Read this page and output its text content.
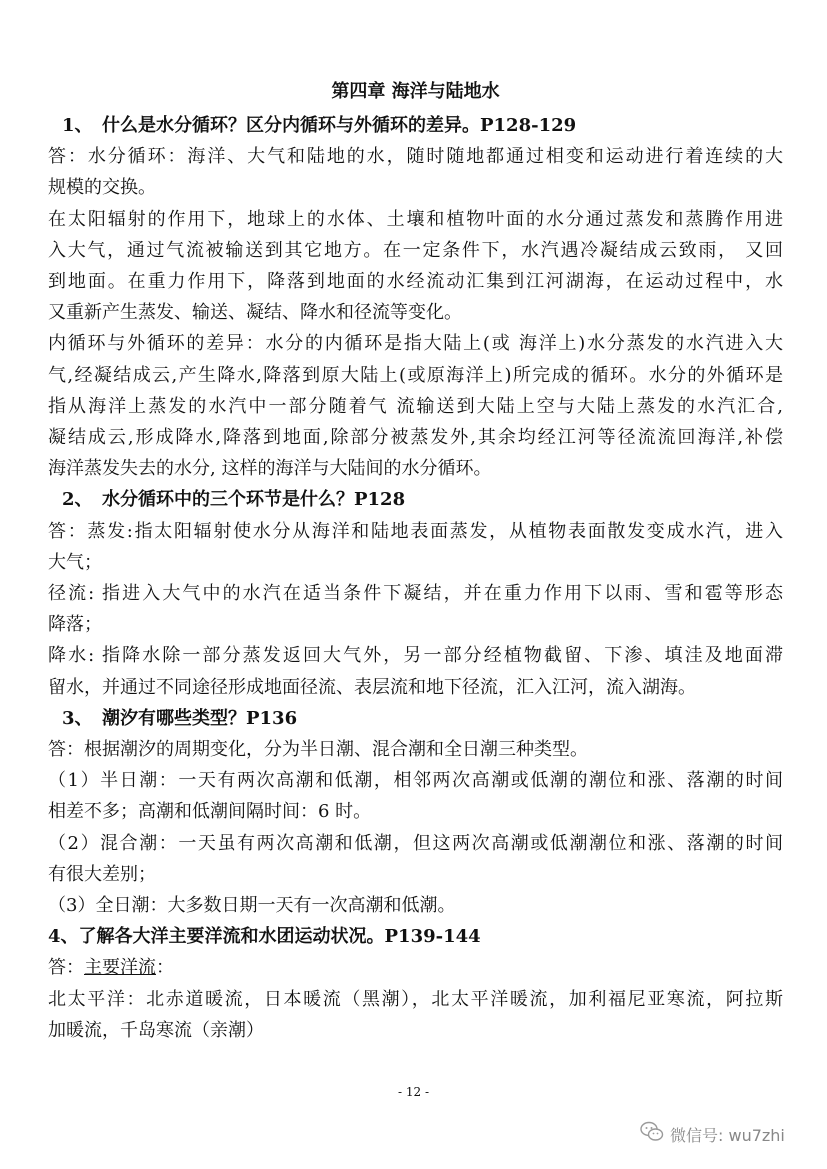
第四章 海洋与陆地水
1、 什么是水分循环？区分内循环与外循环的差异。P128-129
答：水分循环：海洋、大气和陆地的水，随时随地都通过相变和运动进行着连续的大
规模的交换。
在太阳辐射的作用下，地球上的水体、土壤和植物叶面的水分通过蒸发和蒸腾作用进
入大气，通过气流被输送到其它地方。在一定条件下，水汽遇冷凝结成云致雨， 又回
到地面。在重力作用下，降落到地面的水经流动汇集到江河湖海，在运动过程中，水
又重新产生蒸发、输送、凝结、降水和径流等变化。
内循环与外循环的差异：水分的内循环是指大陆上(或 海洋上)水分蒸发的水汽进入大
气,经凝结成云,产生降水,降落到原大陆上(或原海洋上)所完成的循环。水分的外循环是
指从海洋上蒸发的水汽中一部分随着气 流输送到大陆上空与大陆上蒸发的水汽汇合,
凝结成云,形成降水,降落到地面,除部分被蒸发外,其余均经江河等径流流回海洋,补偿
海洋蒸发失去的水分, 这样的海洋与大陆间的水分循环。
2、 水分循环中的三个环节是什么？P128
答：蒸发:指太阳辐射使水分从海洋和陆地表面蒸发，从植物表面散发变成水汽，进入
大气；
径流: 指进入大气中的水汽在适当条件下凝结，并在重力作用下以雨、雪和雹等形态
降落；
降水: 指降水除一部分蒸发返回大气外，另一部分经植物截留、下渗、填洼及地面滞
留水，并通过不同途径形成地面径流、表层流和地下径流，汇入江河，流入湖海。
3、 潮汐有哪些类型？P136
答：根据潮汐的周期变化，分为半日潮、混合潮和全日潮三种类型。
（1）半日潮：一天有两次高潮和低潮，相邻两次高潮或低潮的潮位和涨、落潮的时间
相差不多；高潮和低潮间隔时间：6 时。
（2）混合潮：一天虽有两次高潮和低潮，但这两次高潮或低潮潮位和涨、落潮的时间
有很大差别；
（3）全日潮：大多数日期一天有一次高潮和低潮。
4、了解各大洋主要洋流和水团运动状况。P139-144
答：主要洋流：
北太平洋：北赤道暖流，日本暖流（黑潮），北太平洋暖流，加利福尼亚寒流，阿拉斯
加暖流，千岛寒流（亲潮）
- 12 -
微信号: wu7zhi
